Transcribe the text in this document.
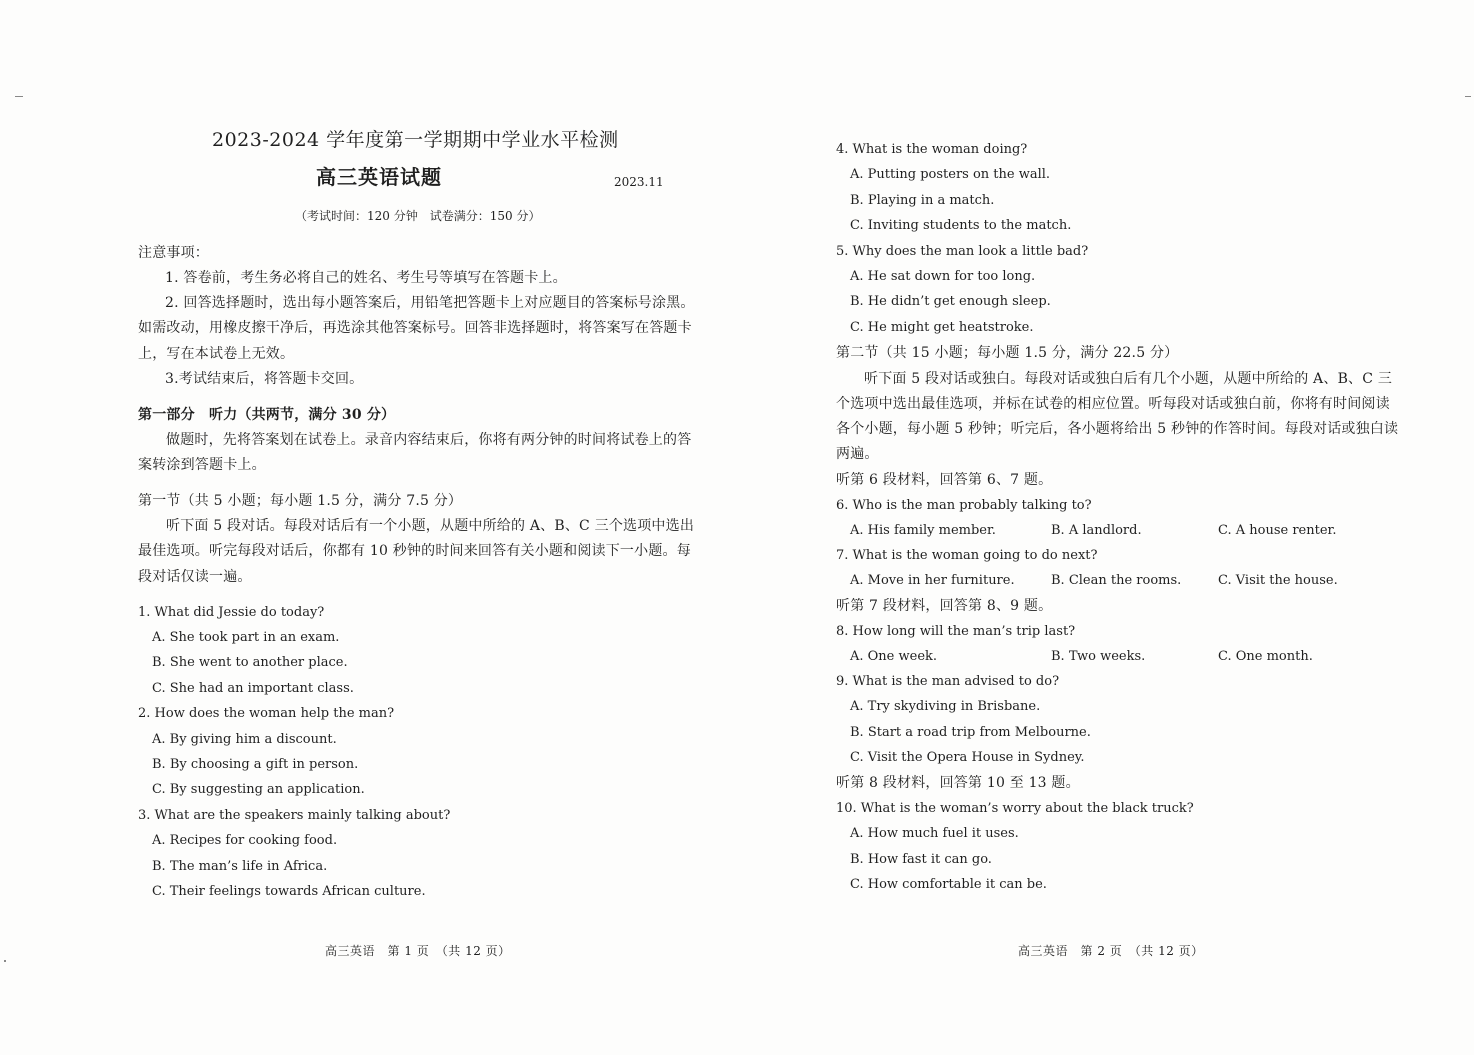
2023-2024 学年度第一学期期中学业水平检测
高三英语试题	2023.11
（考试时间：120 分钟　试卷满分：150 分）
注意事项：
1. 答卷前，考生务必将自己的姓名、考生号等填写在答题卡上。
2. 回答选择题时，选出每小题答案后，用铅笔把答题卡上对应题目的答案标号涂黑。
如需改动，用橡皮擦干净后，再选涂其他答案标号。回答非选择题时，将答案写在答题卡
上，写在本试卷上无效。
3.考试结束后，将答题卡交回。
第一部分　听力（共两节，满分 30 分）
做题时，先将答案划在试卷上。录音内容结束后，你将有两分钟的时间将试卷上的答
案转涂到答题卡上。
第一节（共 5 小题；每小题 1.5 分，满分 7.5 分）
听下面 5 段对话。每段对话后有一个小题，从题中所给的 A、B、C 三个选项中选出
最佳选项。听完每段对话后，你都有 10 秒钟的时间来回答有关小题和阅读下一小题。每
段对话仅读一遍。
1. What did Jessie do today?
A. She took part in an exam.
B. She went to another place.
C. She had an important class.
2. How does the woman help the man?
A. By giving him a discount.
B. By choosing a gift in person.
C. By suggesting an application.
3. What are the speakers mainly talking about?
A. Recipes for cooking food.
B. The man’s life in Africa.
C. Their feelings towards African culture.
高三英语　第 1 页　（共 12 页）
4. What is the woman doing?
A. Putting posters on the wall.
B. Playing in a match.
C. Inviting students to the match.
5. Why does the man look a little bad?
A. He sat down for too long.
B. He didn’t get enough sleep.
C. He might get heatstroke.
第二节（共 15 小题；每小题 1.5 分，满分 22.5 分）
听下面 5 段对话或独白。每段对话或独白后有几个小题，从题中所给的 A、B、C 三
个选项中选出最佳选项，并标在试卷的相应位置。听每段对话或独白前，你将有时间阅读
各个小题，每小题 5 秒钟；听完后，各小题将给出 5 秒钟的作答时间。每段对话或独白读
两遍。
听第 6 段材料，回答第 6、7 题。
6. Who is the man probably talking to?
A. His family member.	B. A landlord.	C. A house renter.
7. What is the woman going to do next?
A. Move in her furniture.	B. Clean the rooms.	C. Visit the house.
听第 7 段材料，回答第 8、9 题。
8. How long will the man’s trip last?
A. One week.	B. Two weeks.	C. One month.
9. What is the man advised to do?
A. Try skydiving in Brisbane.
B. Start a road trip from Melbourne.
C. Visit the Opera House in Sydney.
听第 8 段材料，回答第 10 至 13 题。
10. What is the woman’s worry about the black truck?
A. How much fuel it uses.
B. How fast it can go.
C. How comfortable it can be.
高三英语　第 2 页　（共 12 页）
